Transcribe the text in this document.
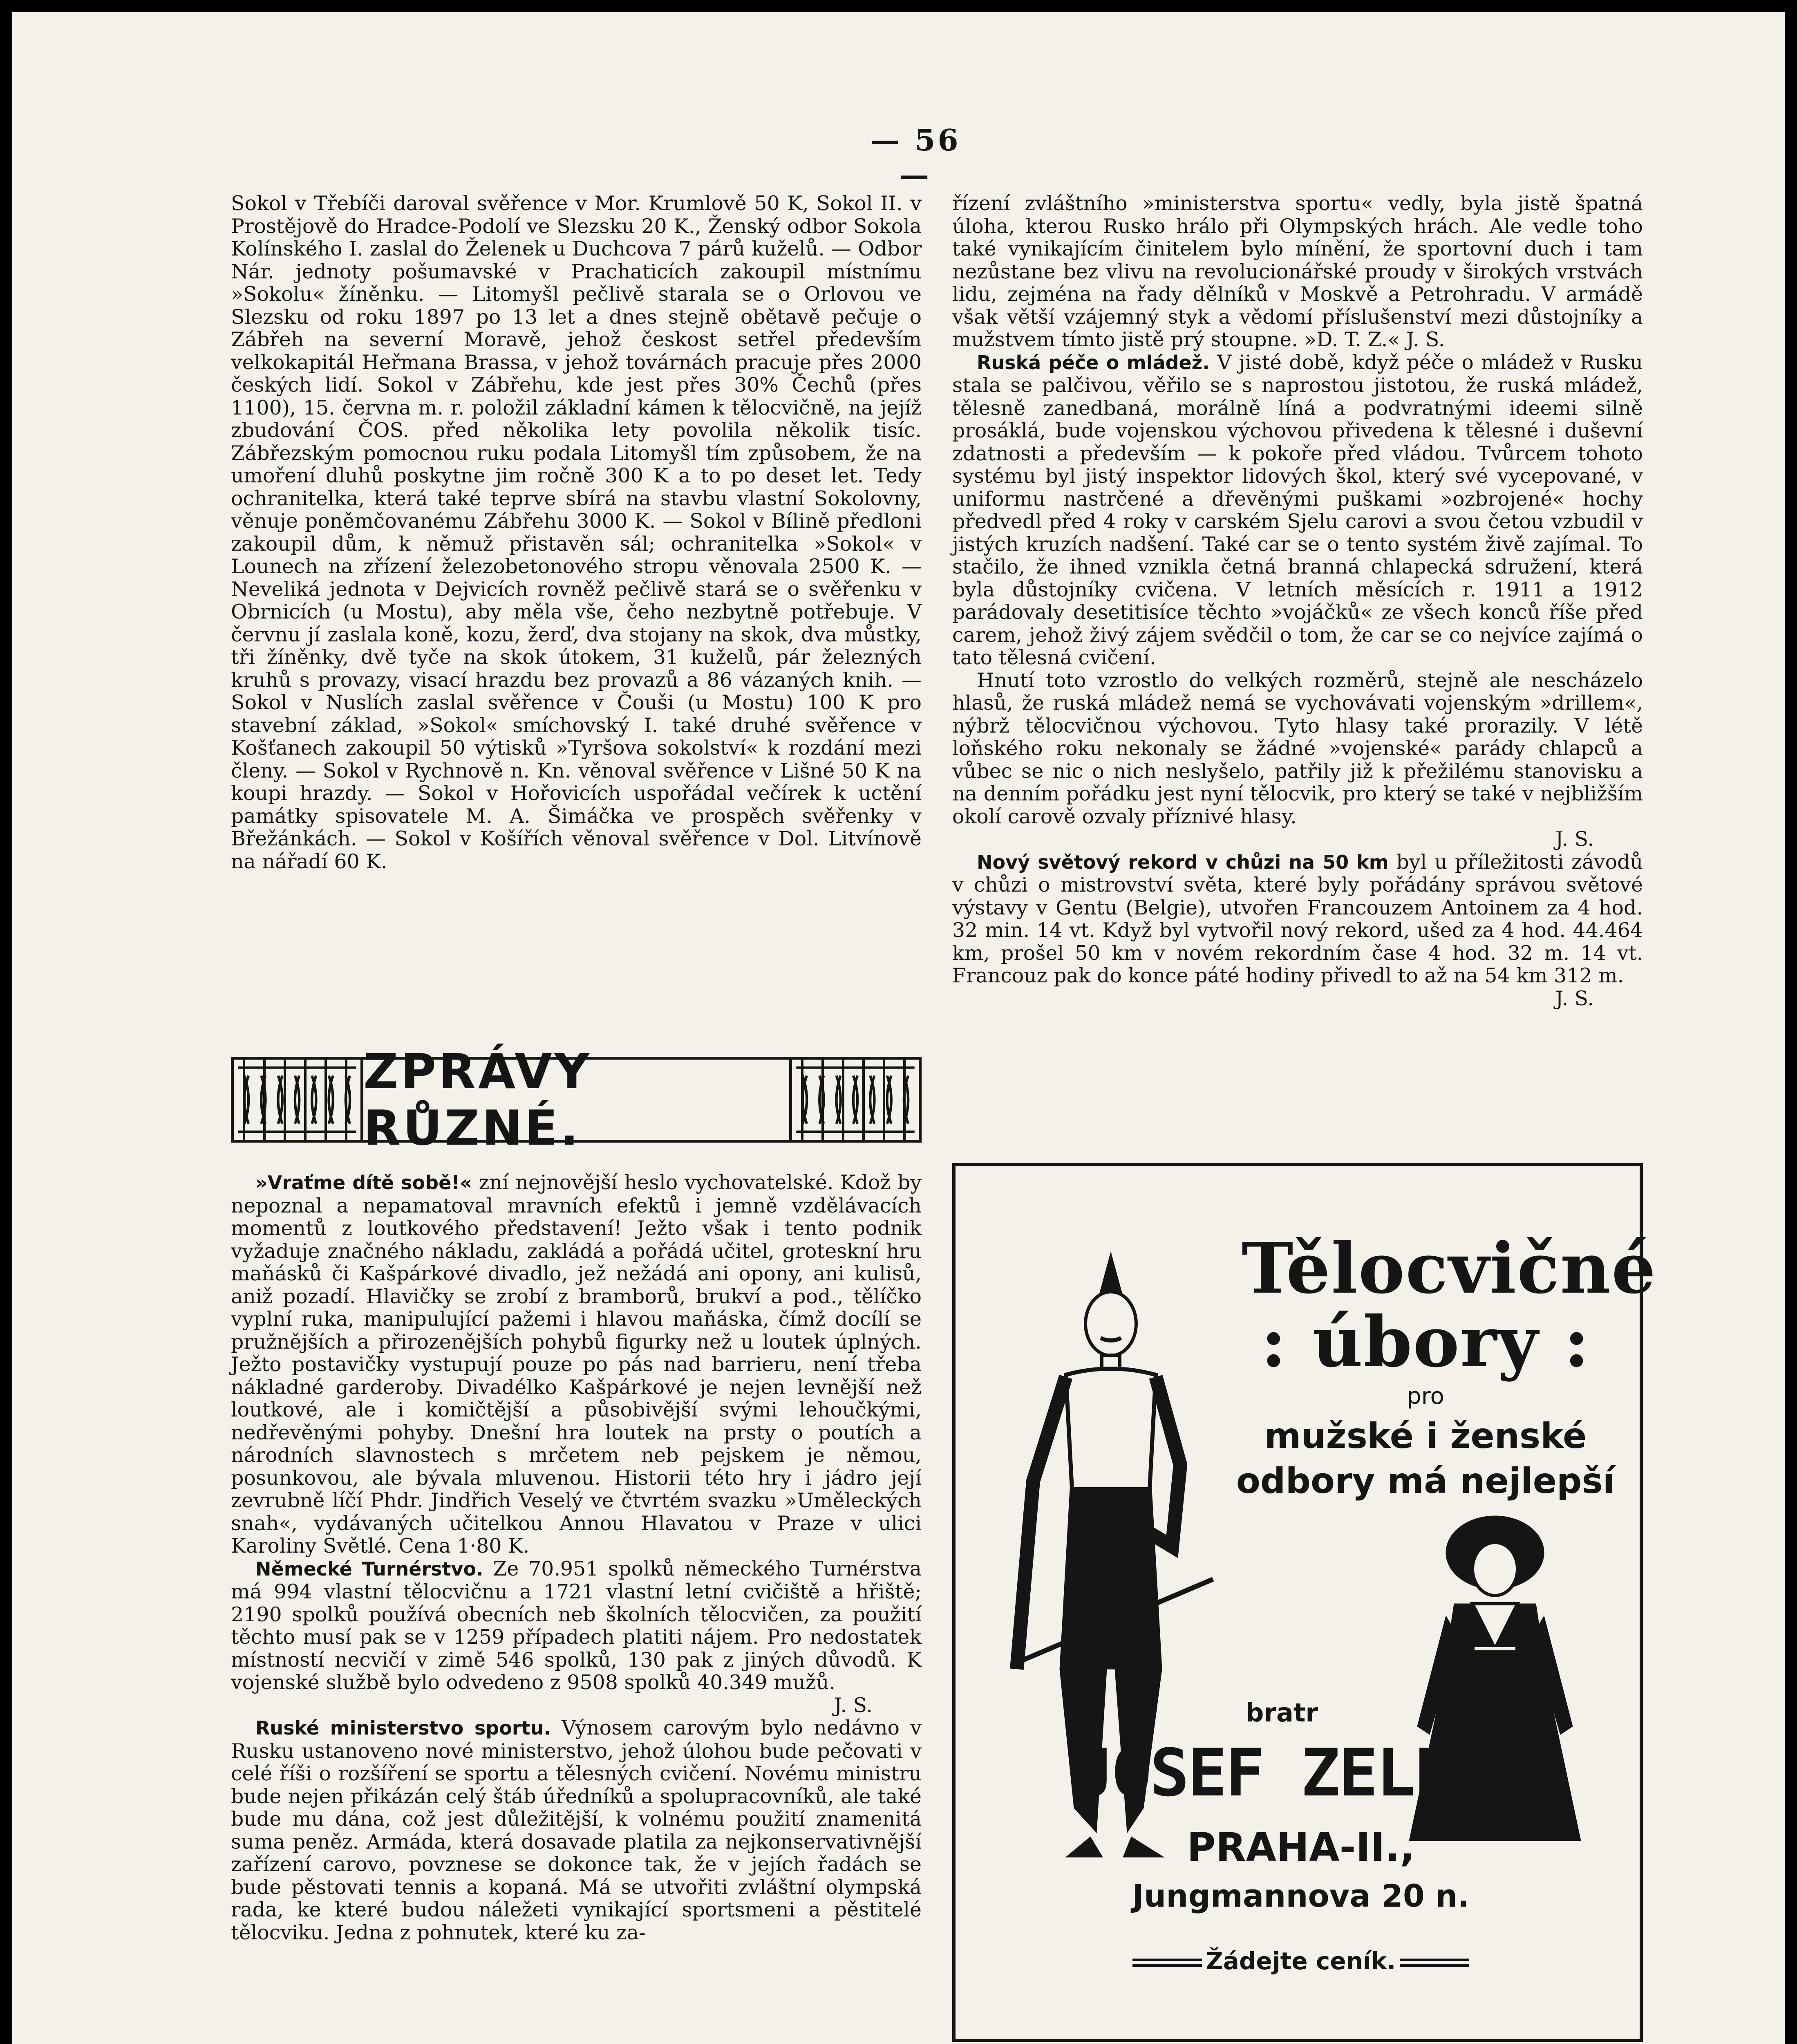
— 56 —

Sokol v Třebíči daroval svěřence v Mor. Krumlově 50 K, Sokol II. v Prostějově do Hradce-Podolí ve Slezsku 20 K., Ženský odbor Sokola Kolínského I. zaslal do Želenek u Duchcova 7 párů kuželů. — Odbor Nár. jednoty pošumavské v Prachaticích zakoupil místnímu »Sokolu« žíněnku. — Litomyšl pečlivě starala se o Orlovou ve Slezsku od roku 1897 po 13 let a dnes stejně obětavě pečuje o Zábřeh na severní Moravě, jehož českost setřel především velkokapitál Heřmana Brassa, v jehož továrnách pracuje přes 2000 českých lidí. Sokol v Zábřehu, kde jest přes 30% Čechů (přes 1100), 15. června m. r. položil základní kámen k tělocvičně, na jejíž zbudování ČOS. před několika lety povolila několik tisíc. Zábřezským pomocnou ruku podala Litomyšl tím způsobem, že na umoření dluhů poskytne jim ročně 300 K a to po deset let. Tedy ochranitelka, která také teprve sbírá na stavbu vlastní Sokolovny, věnuje poněmčovanému Zábřehu 3000 K. — Sokol v Bílině předloni zakoupil dům, k němuž přistavěn sál; ochranitelka »Sokol« v Lounech na zřízení železobetonového stropu věnovala 2500 K. — Neveliká jednota v Dejvicích rovněž pečlivě stará se o svěřenku v Obrnicích (u Mostu), aby měla vše, čeho nezbytně potřebuje. V červnu jí zaslala koně, kozu, žerď, dva stojany na skok, dva můstky, tři žíněnky, dvě tyče na skok útokem, 31 kuželů, pár železných kruhů s provazy, visací hrazdu bez provazů a 86 vázaných knih. — Sokol v Nuslích zaslal svěřence v Čouši (u Mostu) 100 K pro stavební základ, »Sokol« smíchovský I. také druhé svěřence v Košťanech zakoupil 50 výtisků »Tyršova sokolství« k rozdání mezi členy. — Sokol v Rychnově n. Kn. věnoval svěřence v Lišné 50 K na koupi hrazdy. — Sokol v Hořovicích uspořádal večírek k uctění památky spisovatele M. A. Šimáčka ve prospěch svěřenky v Břežánkách. — Sokol v Košířích věnoval svěřence v Dol. Litvínově na nářadí 60 K.

ZPRÁVY RŮZNÉ.

»Vraťme dítě sobě!« zní nejnovější heslo vychovatelské. Kdož by nepoznal a nepamatoval mravních efektů i jemně vzdělávacích momentů z loutkového představení! Ježto však i tento podnik vyžaduje značného nákladu, zakládá a pořádá učitel, groteskní hru maňásků či Kašpárkové divadlo, jež nežádá ani opony, ani kulisů, aniž pozadí. Hlavičky se zrobí z bramborů, brukví a pod., tělíčko vyplní ruka, manipulující pažemi i hlavou maňáska, čímž docílí se pružnějších a přirozenějších pohybů figurky než u loutek úplných. Ježto postavičky vystupují pouze po pás nad barrieru, není třeba nákladné garderoby. Divadélko Kašpárkové je nejen levnější než loutkové, ale i komičtější a působivější svými lehoučkými, nedřevěnými pohyby. Dnešní hra loutek na prsty o poutích a národních slavnostech s mrčetem neb pejskem je němou, posunkovou, ale bývala mluvenou. Historii této hry i jádro její zevrubně líčí Phdr. Jindřich Veselý ve čtvrtém svazku »Uměleckých snah«, vydávaných učitelkou Annou Hlavatou v Praze v ulici Karoliny Světlé. Cena 1·80 K.

Německé Turnérstvo. Ze 70.951 spolků německého Turnérstva má 994 vlastní tělocvičnu a 1721 vlastní letní cvičiště a hřiště; 2190 spolků používá obecních neb školních tělocvičen, za použití těchto musí pak se v 1259 případech platiti nájem. Pro nedostatek místností necvičí v zimě 546 spolků, 130 pak z jiných důvodů. K vojenské službě bylo odvedeno z 9508 spolků 40.349 mužů.
J. S.

Ruské ministerstvo sportu. Výnosem carovým bylo nedávno v Rusku ustanoveno nové ministerstvo, jehož úlohou bude pečovati v celé říši o rozšíření se sportu a tělesných cvičení. Novému ministru bude nejen přikázán celý štáb úředníků a spolupracovníků, ale také bude mu dána, což jest důležitější, k volnému použití znamenitá suma peněz. Armáda, která dosavade platila za nejkonservativnější zařízení carovo, povznese se dokonce tak, že v jejích řadách se bude pěstovati tennis a kopaná. Má se utvořiti zvláštní olympská rada, ke které budou náležeti vynikající sportsmeni a pěstitelé tělocviku. Jedna z pohnutek, které ku za-

řízení zvláštního »ministerstva sportu« vedly, byla jistě špatná úloha, kterou Rusko hrálo při Olympských hrách. Ale vedle toho také vynikajícím činitelem bylo mínění, že sportovní duch i tam nezůstane bez vlivu na revolucionářské proudy v širokých vrstvách lidu, zejména na řady dělníků v Moskvě a Petrohradu. V armádě však větší vzájemný styk a vědomí příslušenství mezi důstojníky a mužstvem tímto jistě prý stoupne. »D. T. Z.« J. S.

Ruská péče o mládež. V jisté době, když péče o mládež v Rusku stala se palčivou, věřilo se s naprostou jistotou, že ruská mládež, tělesně zanedbaná, morálně líná a podvratnými ideemi silně prosáklá, bude vojenskou výchovou přivedena k tělesné i duševní zdatnosti a především — k pokoře před vládou. Tvůrcem tohoto systému byl jistý inspektor lidových škol, který své vycepované, v uniformu nastrčené a dřevěnými puškami »ozbrojené« hochy předvedl před 4 roky v carském Sjelu carovi a svou četou vzbudil v jistých kruzích nadšení. Také car se o tento systém živě zajímal. To stačilo, že ihned vznikla četná branná chlapecká sdružení, která byla důstojníky cvičena. V letních měsících r. 1911 a 1912 parádovaly desetitisíce těchto »vojáčků« ze všech konců říše před carem, jehož živý zájem svědčil o tom, že car se co nejvíce zajímá o tato tělesná cvičení.

Hnutí toto vzrostlo do velkých rozměrů, stejně ale nescházelo hlasů, že ruská mládež nemá se vychovávati vojenským »drillem«, nýbrž tělocvičnou výchovou. Tyto hlasy také prorazily. V létě loňského roku nekonaly se žádné »vojenské« parády chlapců a vůbec se nic o nich neslyšelo, patřily již k přežilému stanovisku a na denním pořádku jest nyní tělocvik, pro který se také v nejbližším okolí carově ozvaly příznivé hlasy.
J. S.

Nový světový rekord v chůzi na 50 km byl u příležitosti závodů v chůzi o mistrovství světa, které byly pořádány správou světové výstavy v Gentu (Belgie), utvořen Francouzem Antoinem za 4 hod. 32 min. 14 vt. Když byl vytvořil nový rekord, ušed za 4 hod. 44.464 km, prošel 50 km v novém rekordním čase 4 hod. 32 m. 14 vt. Francouz pak do konce páté hodiny přivedl to až na 54 km 312 m.
J. S.

Tělocvičné
: úbory :
pro
mužské i ženské
odbory má nejlepší
bratr
JOSEF ZELENÝ
PRAHA-II.,
Jungmannova 20 n.
Žádejte ceník.
